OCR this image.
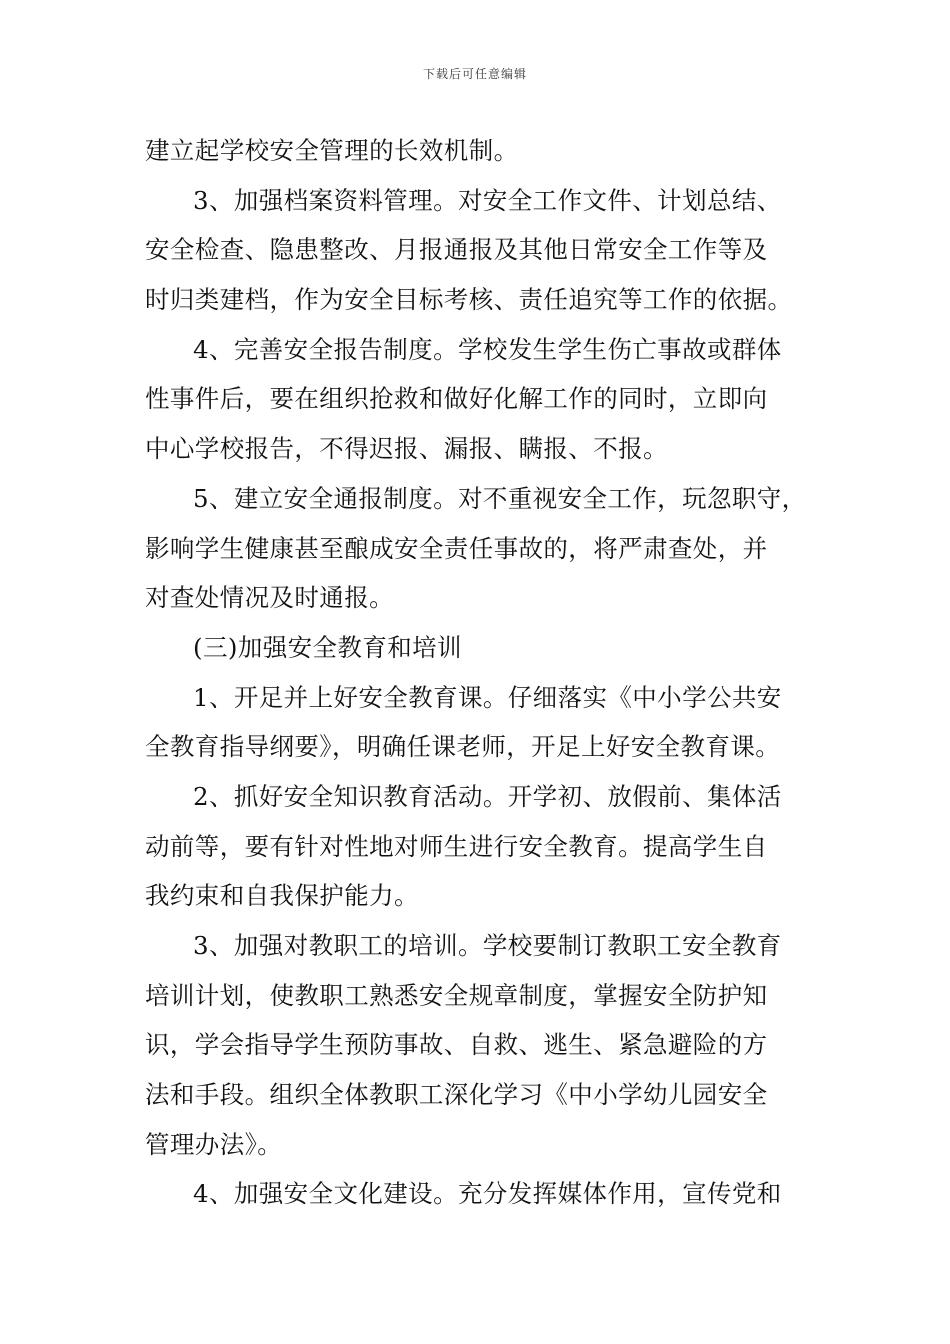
下载后可任意编辑
建立起学校安全管理的长效机制。
3、加强档案资料管理。对安全工作文件、计划总结、
安全检查、隐患整改、月报通报及其他日常安全工作等及
时归类建档，作为安全目标考核、责任追究等工作的依据。
4、完善安全报告制度。学校发生学生伤亡事故或群体
性事件后，要在组织抢救和做好化解工作的同时，立即向
中心学校报告，不得迟报、漏报、瞒报、不报。
5、建立安全通报制度。对不重视安全工作，玩忽职守，
影响学生健康甚至酿成安全责任事故的，将严肃查处，并
对查处情况及时通报。
(三)加强安全教育和培训
1、开足并上好安全教育课。仔细落实《中小学公共安
全教育指导纲要》，明确任课老师，开足上好安全教育课。
2、抓好安全知识教育活动。开学初、放假前、集体活
动前等，要有针对性地对师生进行安全教育。提高学生自
我约束和自我保护能力。
3、加强对教职工的培训。学校要制订教职工安全教育
培训计划，使教职工熟悉安全规章制度，掌握安全防护知
识，学会指导学生预防事故、自救、逃生、紧急避险的方
法和手段。组织全体教职工深化学习《中小学幼儿园安全
管理办法》。
4、加强安全文化建设。充分发挥媒体作用，宣传党和
